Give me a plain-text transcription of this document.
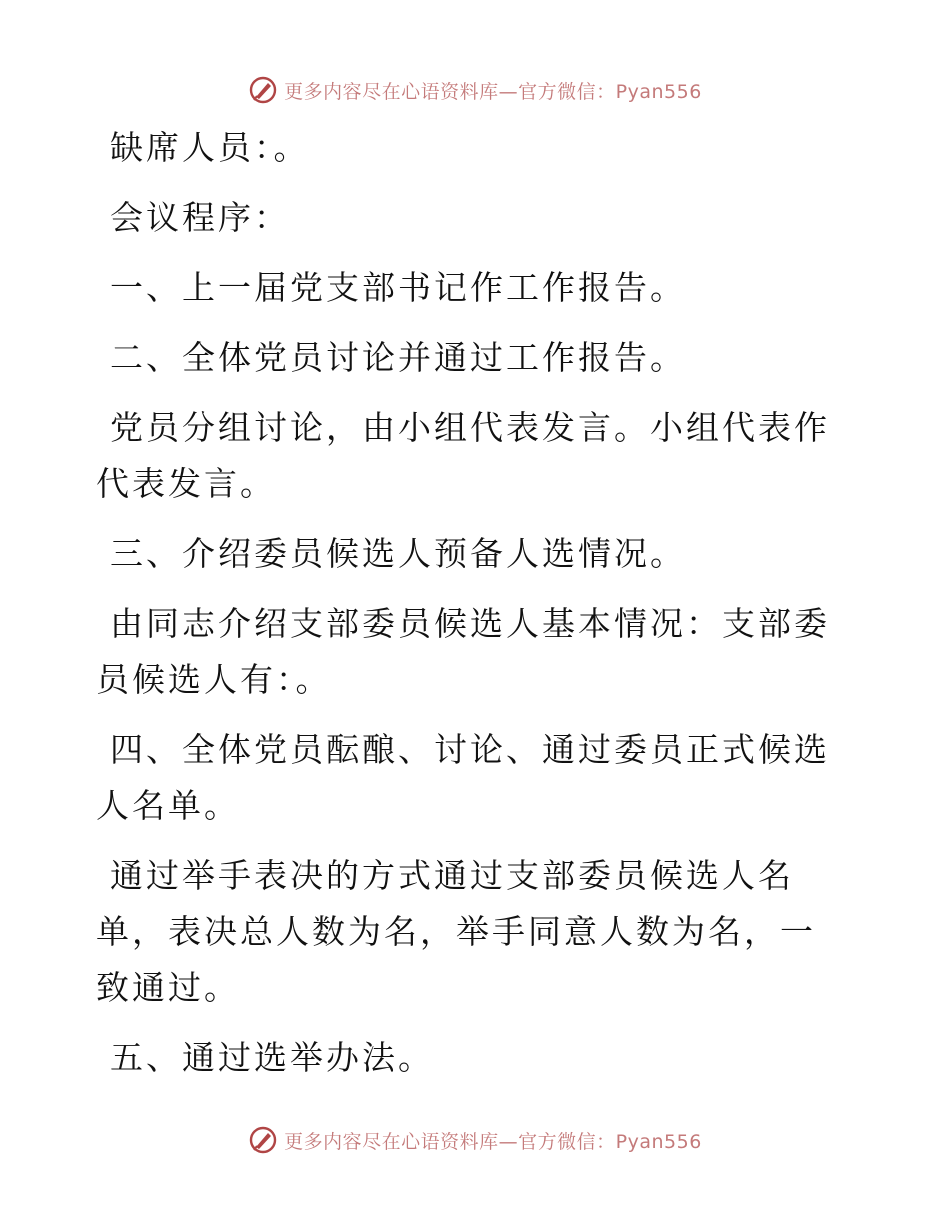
更多内容尽在心语资料库—官方微信：Pyan556

缺席人员：。

会议程序：

一、上一届党支部书记作工作报告。

二、全体党员讨论并通过工作报告。

党员分组讨论，由小组代表发言。小组代表作代表发言。

三、介绍委员候选人预备人选情况。

由同志介绍支部委员候选人基本情况：支部委员候选人有：。

四、全体党员酝酿、讨论、通过委员正式候选人名单。

通过举手表决的方式通过支部委员候选人名单，表决总人数为名，举手同意人数为名，一致通过。

五、通过选举办法。

更多内容尽在心语资料库—官方微信：Pyan556
